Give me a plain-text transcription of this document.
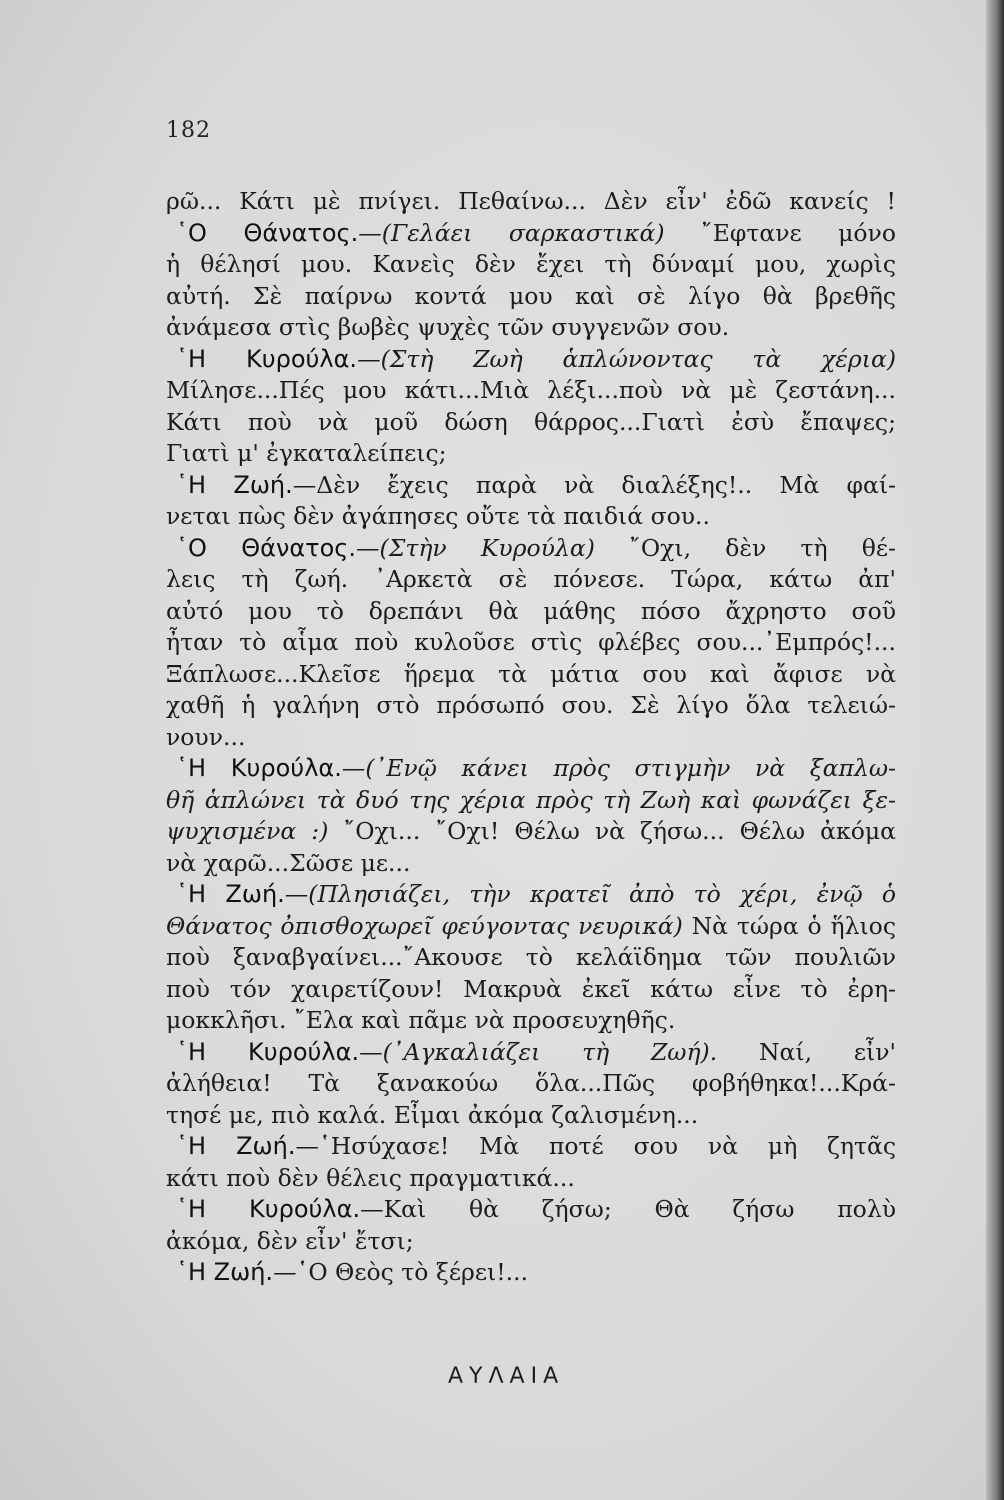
182
ρῶ... Κάτι μὲ πνίγει. Πεθαίνω... Δὲν εἶν' ἐδῶ κανείς !
῾Ο Θάνατος.—(Γελάει σαρκαστικά) ῎Εφτανε μόνο
ἡ θέλησί μου. Κανεὶς δὲν ἔχει τὴ δύναμί μου, χωρὶς
αὐτή. Σὲ παίρνω κοντά μου καὶ σὲ λίγο θὰ βρεθῆς
ἀνάμεσα στὶς βωβὲς ψυχὲς τῶν συγγενῶν σου.
῾Η Κυρούλα.—(Στὴ Ζωὴ ἁπλώνοντας τὰ χέρια)
Μίλησε...Πές μου κάτι...Μιὰ λέξι...ποὺ νὰ μὲ ζεστάνη...
Κάτι ποὺ νὰ μοῦ δώση θάρρος...Γιατὶ ἐσὺ ἔπαψες;
Γιατὶ μ' ἐγκαταλείπεις;
῾Η Ζωή.—Δὲν ἔχεις παρὰ νὰ διαλέξης!.. Μὰ φαί-
νεται πὼς δὲν ἀγάπησες οὔτε τὰ παιδιά σου..
῾Ο Θάνατος.—(Στὴν Κυρούλα) ῎Οχι, δὲν τὴ θέ-
λεις τὴ ζωή. ᾿Αρκετὰ σὲ πόνεσε. Τώρα, κάτω ἀπ'
αὐτό μου τὸ δρεπάνι θὰ μάθης πόσο ἄχρηστο σοῦ
ἦταν τὸ αἷμα ποὺ κυλοῦσε στὶς φλέβες σου...᾿Εμπρός!...
Ξάπλωσε...Κλεῖσε ἥρεμα τὰ μάτια σου καὶ ἄφισε νὰ
χαθῆ ἡ γαλήνη στὸ πρόσωπό σου. Σὲ λίγο ὅλα τελειώ-
νουν...
῾Η Κυρούλα.—(᾿Ενῷ κάνει πρὸς στιγμὴν νὰ ξαπλω-
θῆ ἁπλώνει τὰ δυό της χέρια πρὸς τὴ Ζωὴ καὶ φωνάζει ξε-
ψυχισμένα :) ῎Οχι... ῎Οχι! Θέλω νὰ ζήσω... Θέλω ἀκόμα
νὰ χαρῶ...Σῶσε με...
῾Η Ζωή.—(Πλησιάζει, τὴν κρατεῖ ἀπὸ τὸ χέρι, ἐνῷ ὁ
Θάνατος ὀπισθοχωρεῖ φεύγοντας νευρικά) Νὰ τώρα ὁ ἥλιος
ποὺ ξαναβγαίνει...῎Ακουσε τὸ κελάϊδημα τῶν πουλιῶν
ποὺ τόν χαιρετίζουν! Μακρυὰ ἐκεῖ κάτω εἶνε τὸ ἐρη-
μοκκλῆσι. ῎Ελα καὶ πᾶμε νὰ προσευχηθῆς.
῾Η Κυρούλα.—(᾿Αγκαλιάζει τὴ Ζωή). Ναί, εἶν'
ἀλήθεια! Τὰ ξανακούω ὅλα...Πῶς φοβήθηκα!...Κρά-
τησέ με, πιὸ καλά. Εἶμαι ἀκόμα ζαλισμένη...
῾Η Ζωή.—῾Ησύχασε! Μὰ ποτέ σου νὰ μὴ ζητᾶς
κάτι ποὺ δὲν θέλεις πραγματικά...
῾Η Κυρούλα.—Καὶ θὰ ζήσω; Θὰ ζήσω πολὺ
ἀκόμα, δὲν εἶν' ἔτσι;
῾Η Ζωή.—῾Ο Θεὸς τὸ ξέρει!...
ΑΥΛΑΙΑ
